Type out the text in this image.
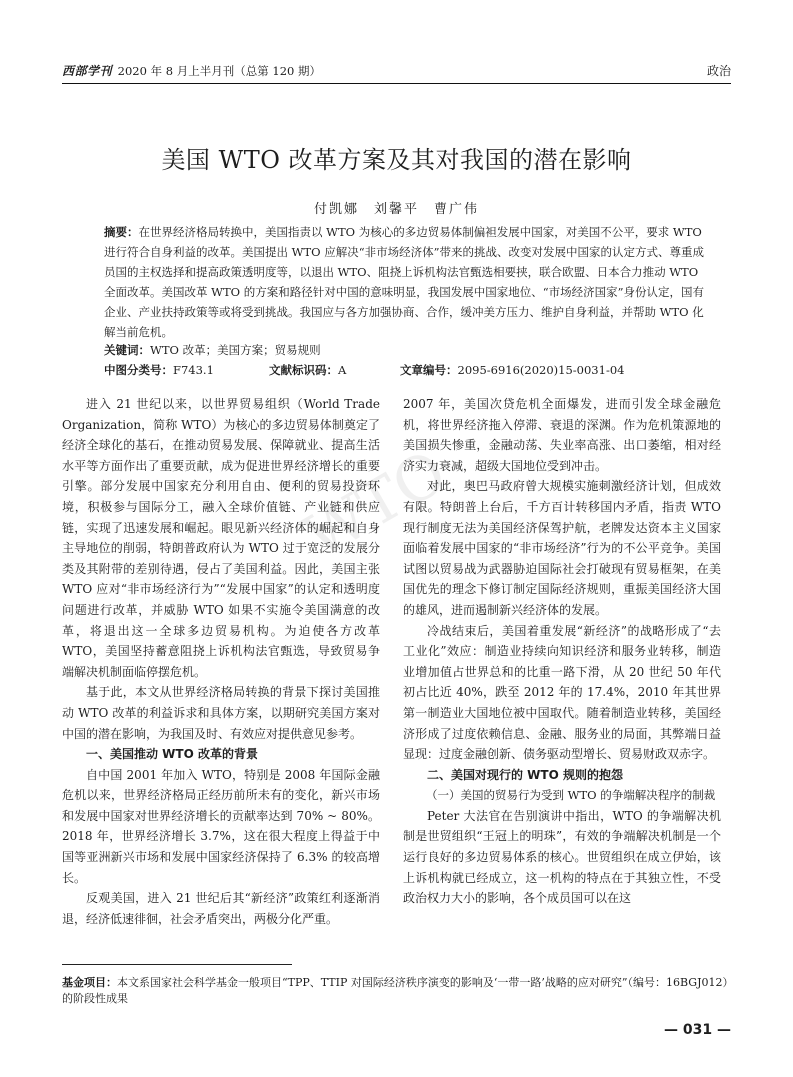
WTO
西部学刊 2020 年 8 月上半月刊（总第 120 期）	政治
美国 WTO 改革方案及其对我国的潜在影响
付凯娜　刘馨平　曹广伟
摘要：在世界经济格局转换中，美国指责以 WTO 为核心的多边贸易体制偏袒发展中国家，对美国不公平，要求 WTO 进行符合自身利益的改革。美国提出 WTO 应解决“非市场经济体”带来的挑战、改变对发展中国家的认定方式、尊重成员国的主权选择和提高政策透明度等，以退出 WTO、阻挠上诉机构法官甄选相要挟，联合欧盟、日本合力推动 WTO 全面改革。美国改革 WTO 的方案和路径针对中国的意味明显，我国发展中国家地位、“市场经济国家”身份认定，国有企业、产业扶持政策等或将受到挑战。我国应与各方加强协商、合作，缓冲美方压力、维护自身利益，并帮助 WTO 化解当前危机。
关键词：WTO 改革；美国方案；贸易规则
中图分类号：F743.1	文献标识码：A	文章编号：2095-6916(2020)15-0031-04

进入 21 世纪以来，以世界贸易组织（World Trade Organization，简称 WTO）为核心的多边贸易体制奠定了经济全球化的基石，在推动贸易发展、保障就业、提高生活水平等方面作出了重要贡献，成为促进世界经济增长的重要引擎。部分发展中国家充分利用自由、便利的贸易投资环境，积极参与国际分工，融入全球价值链、产业链和供应链，实现了迅速发展和崛起。眼见新兴经济体的崛起和自身主导地位的削弱，特朗普政府认为 WTO 过于宽泛的发展分类及其附带的差别待遇，侵占了美国利益。因此，美国主张 WTO 应对“非市场经济行为”“发展中国家”的认定和透明度问题进行改革，并威胁 WTO 如果不实施令美国满意的改革，将退出这一全球多边贸易机构。为迫使各方改革 WTO，美国坚持蓄意阻挠上诉机构法官甄选，导致贸易争端解决机制面临停摆危机。

基于此，本文从世界经济格局转换的背景下探讨美国推动 WTO 改革的利益诉求和具体方案，以期研究美国方案对中国的潜在影响，为我国及时、有效应对提供意见参考。

一、美国推动 WTO 改革的背景

自中国 2001 年加入 WTO，特别是 2008 年国际金融危机以来，世界经济格局正经历前所未有的变化，新兴市场和发展中国家对世界经济增长的贡献率达到 70% ~ 80%。2018 年，世界经济增长 3.7%，这在很大程度上得益于中国等亚洲新兴市场和发展中国家经济保持了 6.3% 的较高增长。

反观美国，进入 21 世纪后其“新经济”政策红利逐渐消退，经济低速徘徊，社会矛盾突出，两极分化严重。

2007 年，美国次贷危机全面爆发，进而引发全球金融危机，将世界经济拖入停滞、衰退的深渊。作为危机策源地的美国损失惨重，金融动荡、失业率高涨、出口萎缩，相对经济实力衰减，超级大国地位受到冲击。

对此，奥巴马政府曾大规模实施刺激经济计划，但成效有限。特朗普上台后，千方百计转移国内矛盾，指责 WTO 现行制度无法为美国经济保驾护航，老牌发达资本主义国家面临着发展中国家的“非市场经济”行为的不公平竞争。美国试图以贸易战为武器胁迫国际社会打破现有贸易框架，在美国优先的理念下修订制定国际经济规则，重振美国经济大国的雄风，进而遏制新兴经济体的发展。

冷战结束后，美国着重发展“新经济”的战略形成了“去工业化”效应：制造业持续向知识经济和服务业转移，制造业增加值占世界总和的比重一路下滑，从 20 世纪 50 年代初占比近 40%，跌至 2012 年的 17.4%，2010 年其世界第一制造业大国地位被中国取代。随着制造业转移，美国经济形成了过度依赖信息、金融、服务业的局面，其弊端日益显现：过度金融创新、债务驱动型增长、贸易财政双赤字。

二、美国对现行的 WTO 规则的抱怨
（一）美国的贸易行为受到 WTO 的争端解决程序的制裁

Peter 大法官在告别演讲中指出，WTO 的争端解决机制是世贸组织“王冠上的明珠”，有效的争端解决机制是一个运行良好的多边贸易体系的核心。世贸组织在成立伊始，该上诉机构就已经成立，这一机构的特点在于其独立性，不受政治权力大小的影响，各个成员国可以在这

基金项目：本文系国家社会科学基金一般项目“TPP、TTIP 对国际经济秩序演变的影响及‘一带一路’战略的应对研究”（编号：16BGJ012）的阶段性成果
— 031 —
